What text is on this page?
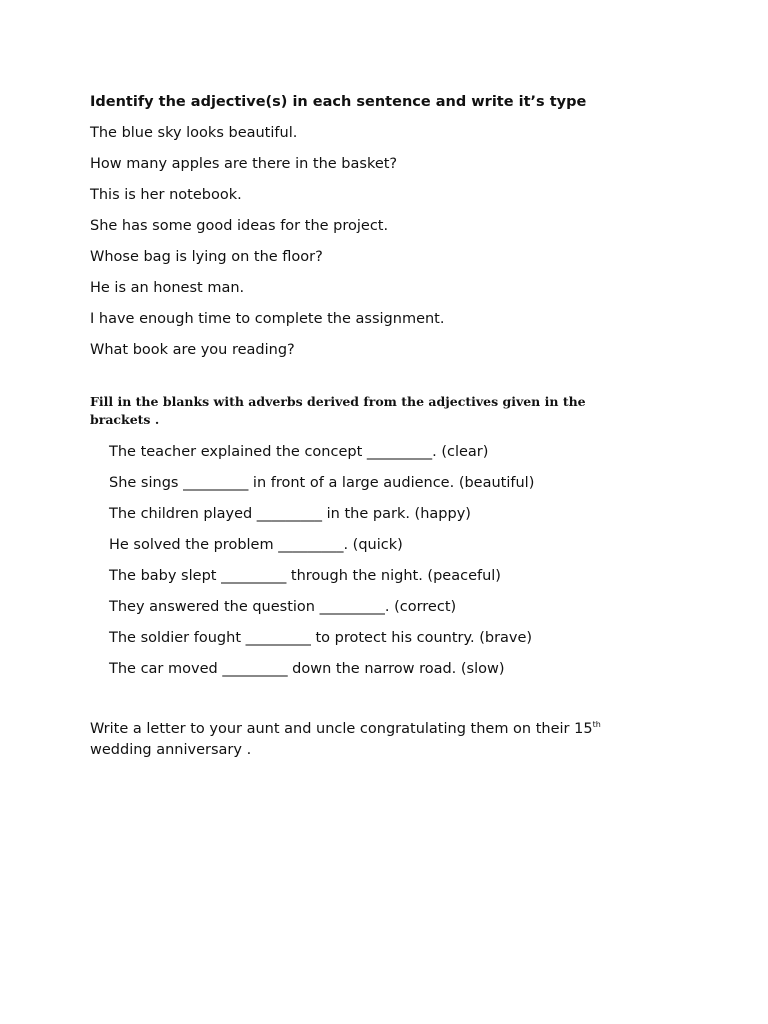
Identify the adjective(s) in each sentence and write it’s type
The blue sky looks beautiful.
How many apples are there in the basket?
This is her notebook.
She has some good ideas for the project.
Whose bag is lying on the floor?
He is an honest man.
I have enough time to complete the assignment.
What book are you reading?
Fill in the blanks with adverbs derived from the adjectives given in the brackets .
The teacher explained the concept _________. (clear)
She sings _________ in front of a large audience. (beautiful)
The children played _________ in the park. (happy)
He solved the problem _________. (quick)
The baby slept _________ through the night. (peaceful)
They answered the question _________. (correct)
The soldier fought _________ to protect his country. (brave)
The car moved _________ down the narrow road. (slow)
Write a letter to your aunt and uncle congratulating them on their 15th wedding anniversary .
